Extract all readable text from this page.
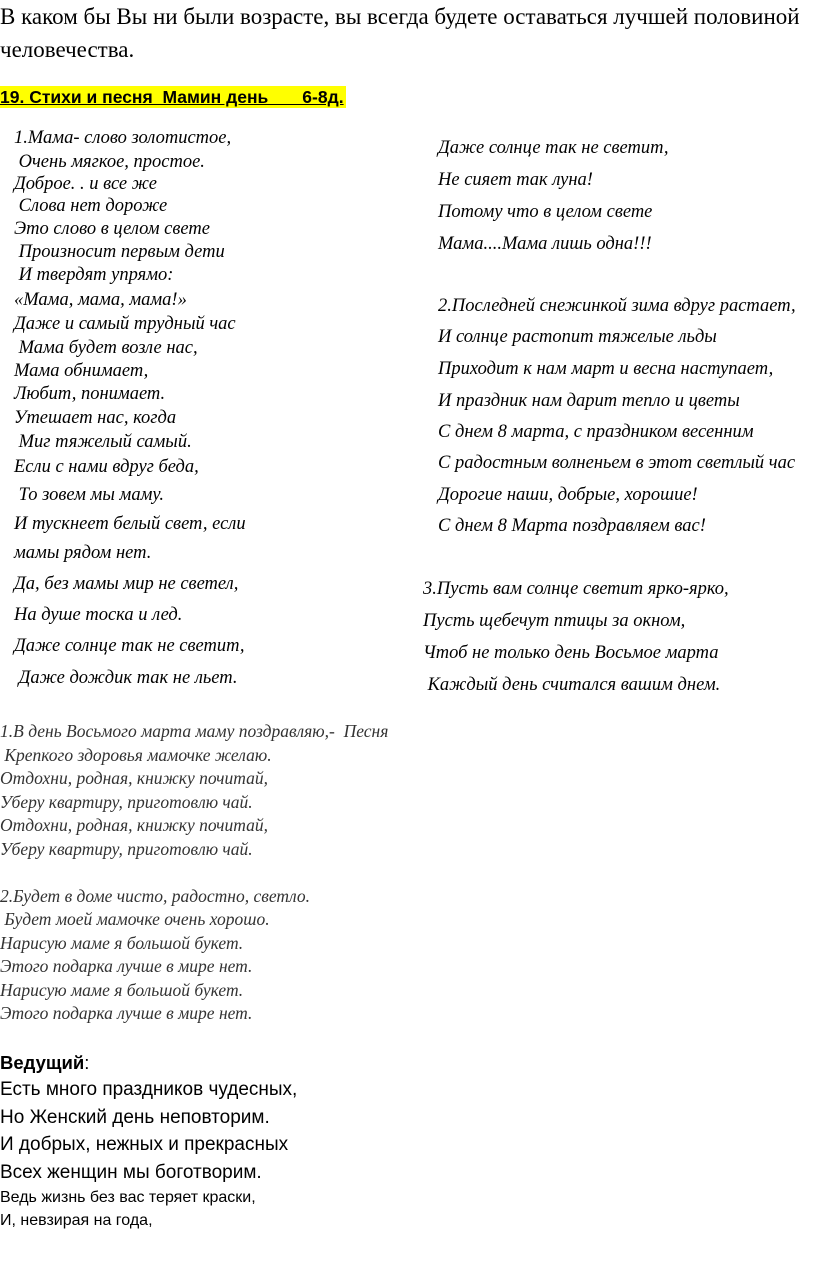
В каком бы Вы ни были возрасте, вы всегда будете оставаться лучшей половиной человечества.
19. Стихи и песня  Мамин день       6-8д.
1.Мама- слово золотистое,
Очень мягкое, простое.
Доброе. . и все же
Слова нет дороже
Это слово в целом свете
Произносит первым дети
И твердят упрямо:
«Мама, мама, мама!»
Даже и самый трудный час
Мама будет возле нас,
Мама обнимает,
Любит, понимает.
Утешает нас, когда
Миг тяжелый самый.
Если с нами вдруг беда,
То зовем мы маму.
И тускнеет белый свет, если
мамы рядом нет.
Да, без мамы мир не светел,
На душе тоска и лед.
Даже солнце так не светит,
Даже дождик так не льет.
Даже солнце так не светит,
Не сияет так луна!
Потому что в целом свете
Мама....Мама лишь одна!!!
2.Последней снежинкой зима вдруг растает,
И солнце растопит тяжелые льды
Приходит к нам март и весна наступает,
И праздник нам дарит тепло и цветы
С днем 8 марта, с праздником весенним
С радостным волненьем в этот светлый час
Дорогие наши, добрые, хорошие!
С днем 8 Марта поздравляем вас!
3.Пусть вам солнце светит ярко-ярко,
Пусть щебечут птицы за окном,
Чтоб не только день Восьмое марта
Каждый день считался вашим днем.
1.В день Восьмого марта маму поздравляю,-  Песня
Крепкого здоровья мамочке желаю.
Отдохни, родная, книжку почитай,
Уберу квартиру, приготовлю чай.
Отдохни, родная, книжку почитай,
Уберу квартиру, приготовлю чай.
2.Будет в доме чисто, радостно, светло.
Будет моей мамочке очень хорошо.
Нарисую маме я большой букет.
Этого подарка лучше в мире нет.
Нарисую маме я большой букет.
Этого подарка лучше в мире нет.
Ведущий:
Есть много праздников чудесных,
Но Женский день неповторим.
И добрых, нежных и прекрасных
Всех женщин мы боготворим.
Ведь жизнь без вас теряет краски,
И, невзирая на года,
